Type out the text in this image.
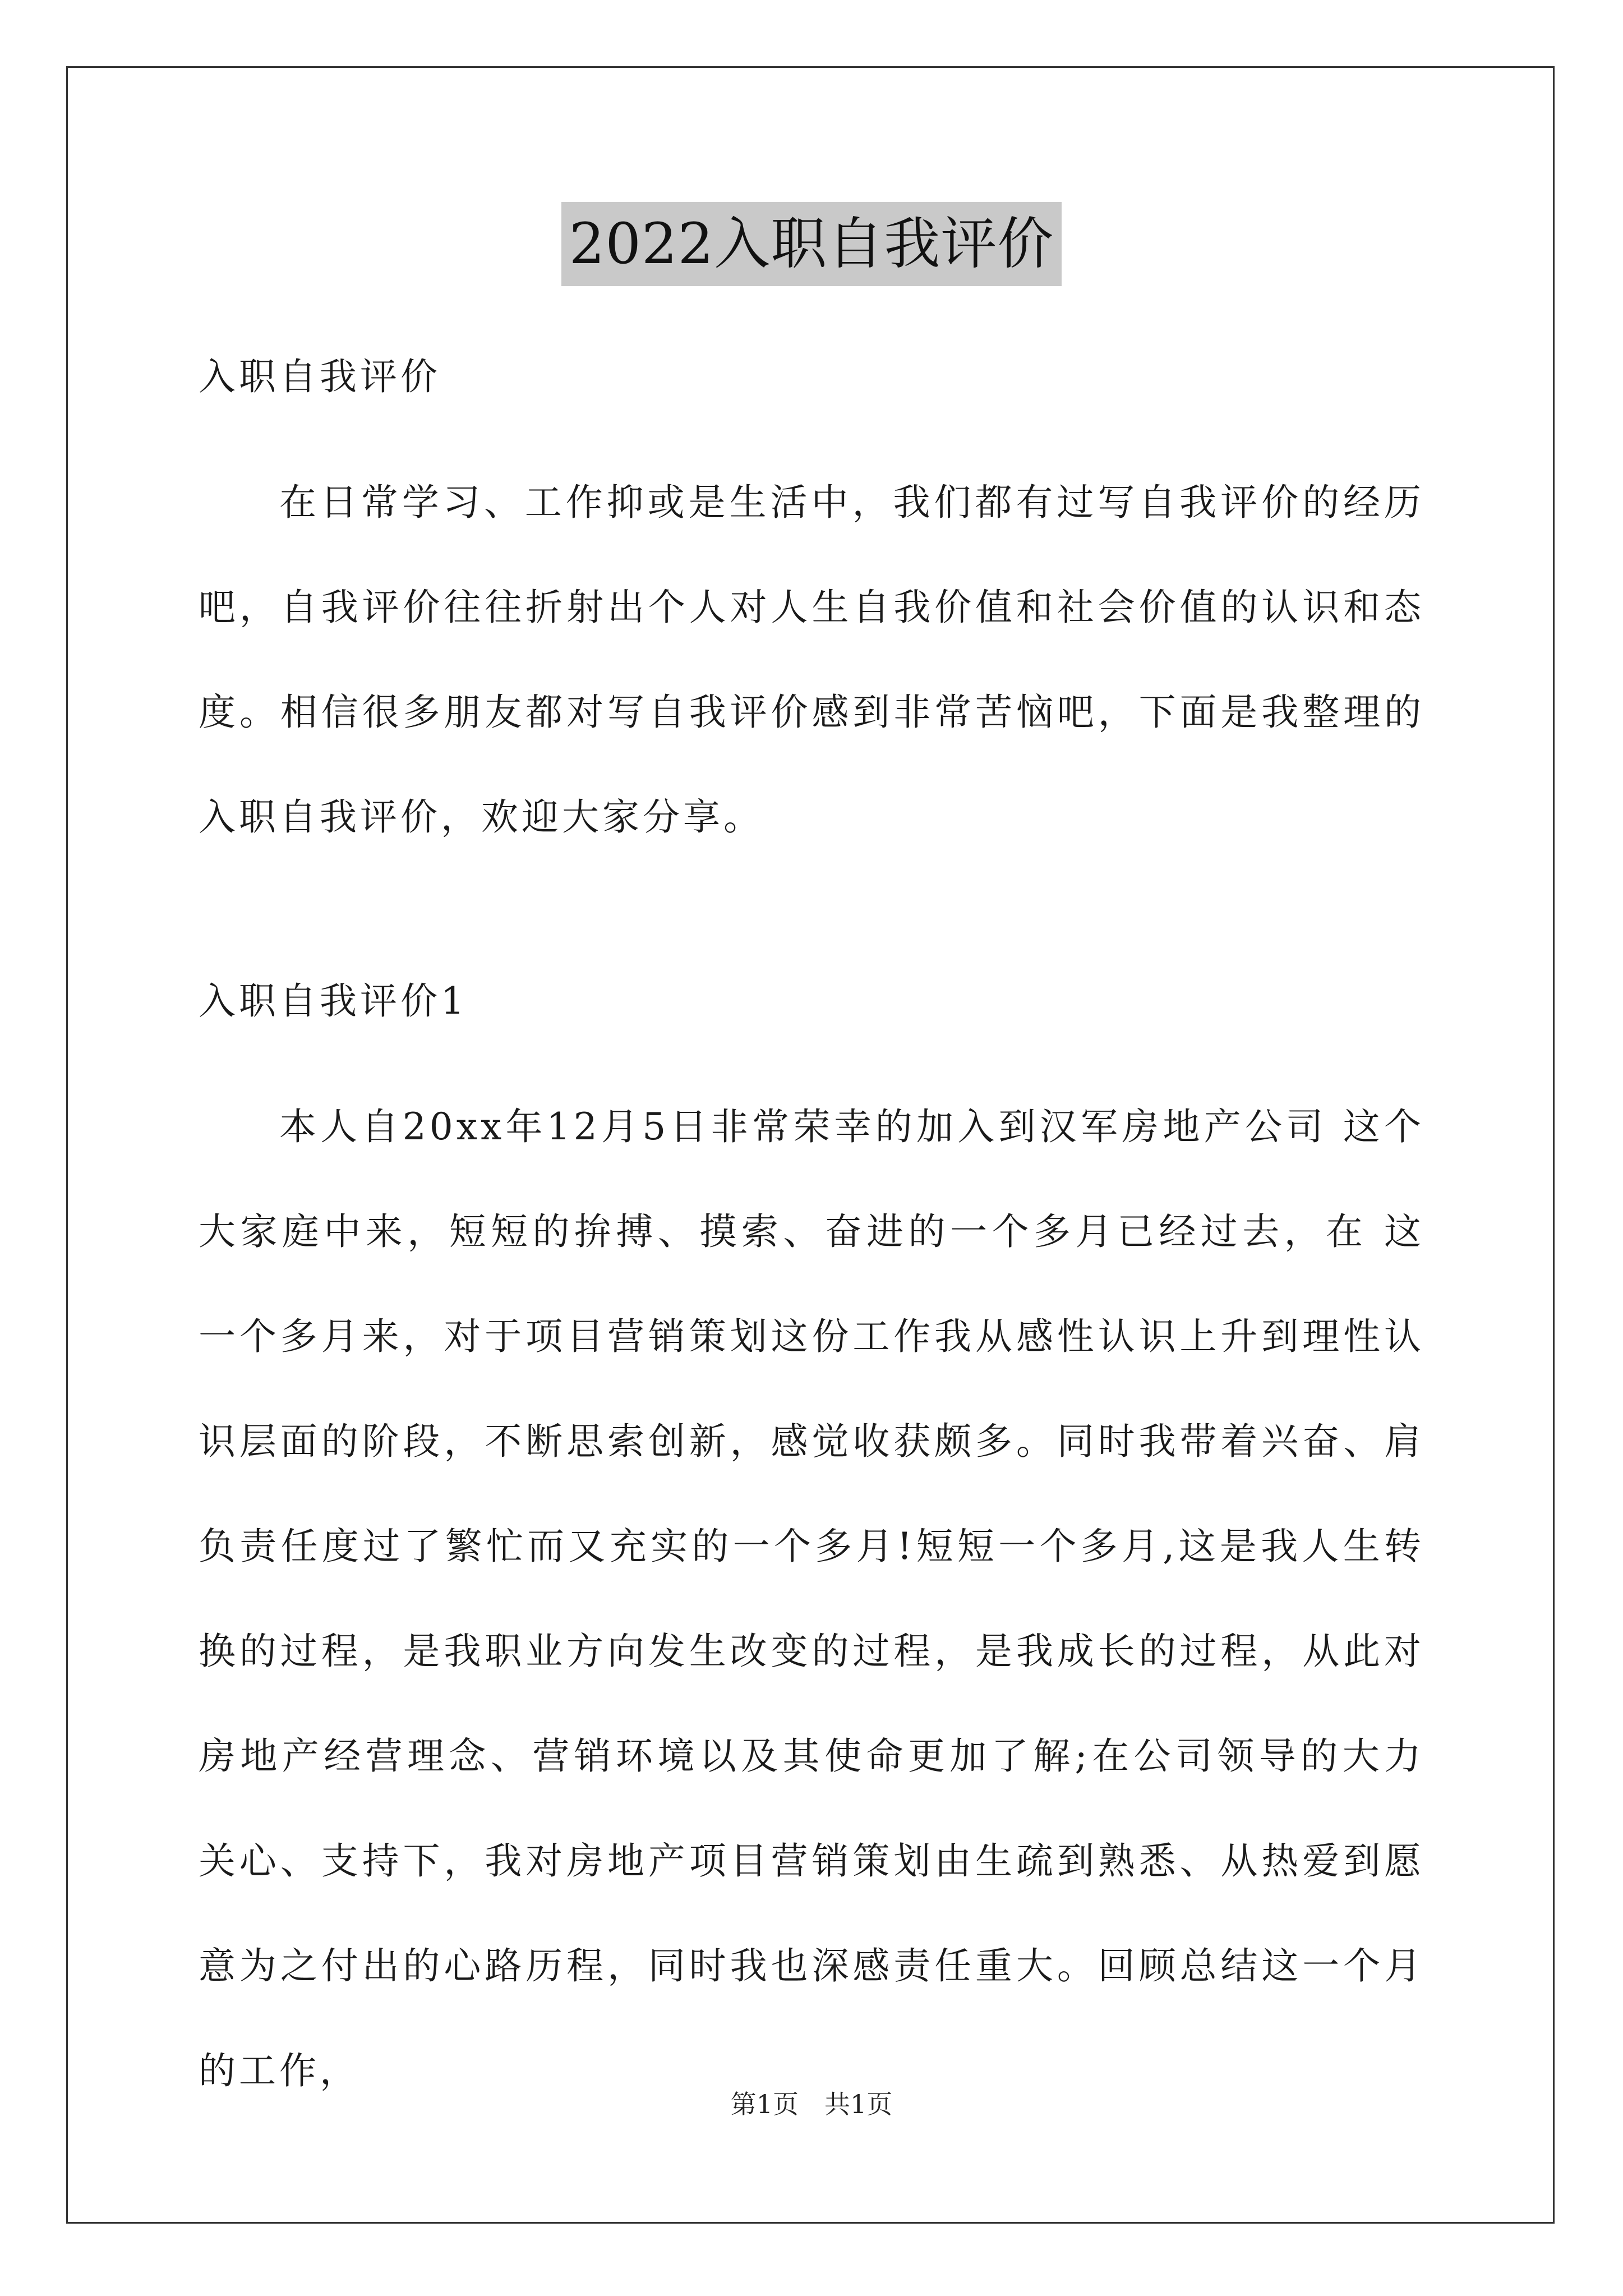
2022入职自我评价

入职自我评价

在日常学习、工作抑或是生活中，我们都有过写自我评价的经历吧，自我评价往往折射出个人对人生自我价值和社会价值的认识和态度。相信很多朋友都对写自我评价感到非常苦恼吧，下面是我整理的入职自我评价，欢迎大家分享。

入职自我评价1

本人自20xx年12月5日非常荣幸的加入到汉军房地产公司 这个大家庭中来，短短的拚搏、摸索、奋进的一个多月已经过去，在 这一个多月来，对于项目营销策划这份工作我从感性认识上升到理性认识层面的阶段，不断思索创新，感觉收获颇多。同时我带着兴奋、肩负责任度过了繁忙而又充实的一个多月!短短一个多月,这是我人生转换的过程，是我职业方向发生改变的过程，是我成长的过程，从此对房地产经营理念、营销环境以及其使命更加了解;在公司领导的大力关心、支持下，我对房地产项目营销策划由生疏到熟悉、从热爱到愿意为之付出的心路历程，同时我也深感责任重大。回顾总结这一个月的工作，

第1页 共1页
